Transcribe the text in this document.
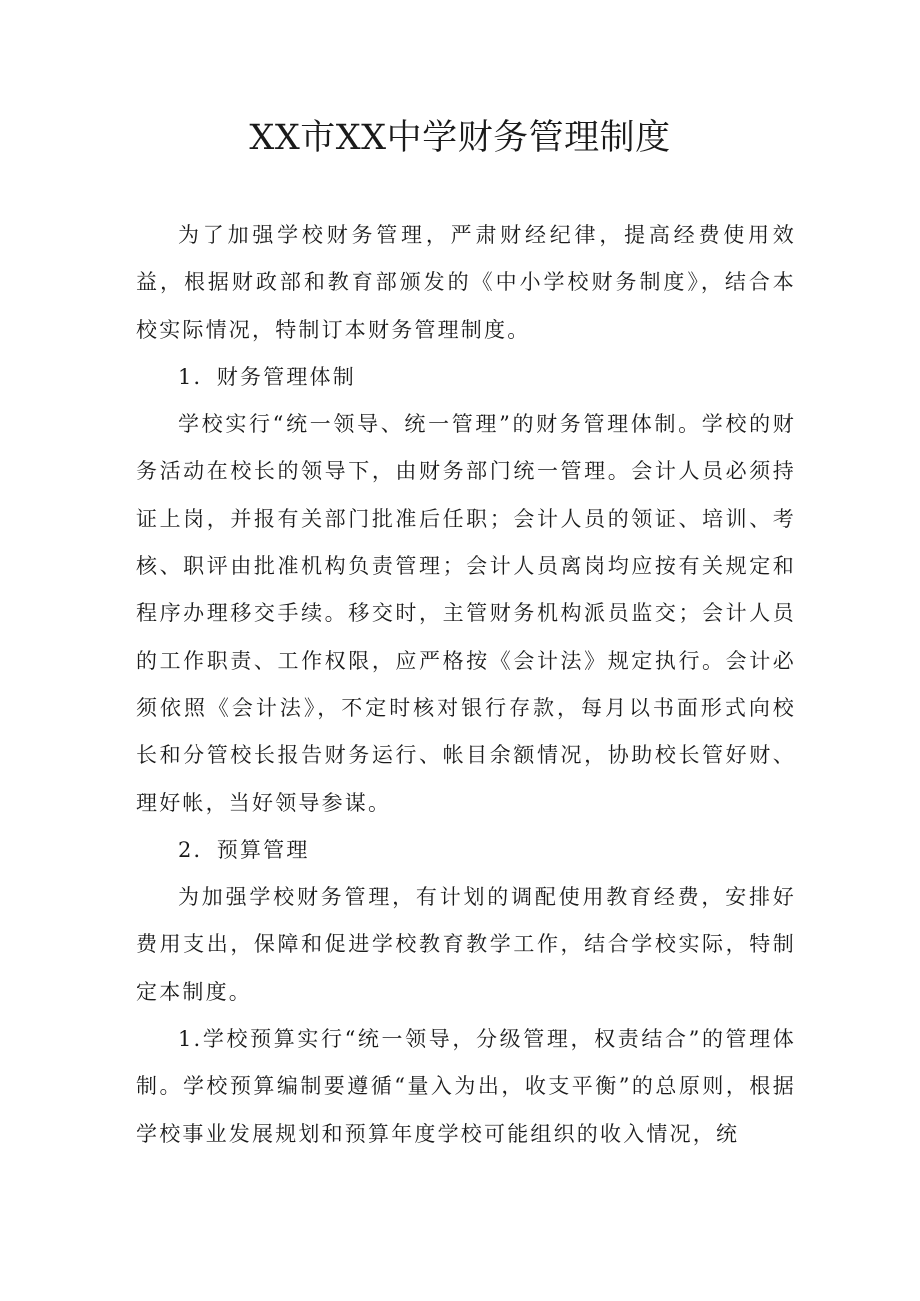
XX市XX中学财务管理制度

为了加强学校财务管理，严肃财经纪律，提高经费使用效益，根据财政部和教育部颁发的《中小学校财务制度》，结合本校实际情况，特制订本财务管理制度。

1．财务管理体制

学校实行“统一领导、统一管理”的财务管理体制。学校的财务活动在校长的领导下，由财务部门统一管理。会计人员必须持证上岗，并报有关部门批准后任职；会计人员的领证、培训、考核、职评由批准机构负责管理；会计人员离岗均应按有关规定和程序办理移交手续。移交时，主管财务机构派员监交；会计人员的工作职责、工作权限，应严格按《会计法》规定执行。会计必须依照《会计法》，不定时核对银行存款，每月以书面形式向校长和分管校长报告财务运行、帐目余额情况，协助校长管好财、理好帐，当好领导参谋。

2．预算管理

为加强学校财务管理，有计划的调配使用教育经费，安排好费用支出，保障和促进学校教育教学工作，结合学校实际，特制定本制度。

1.学校预算实行“统一领导，分级管理，权责结合”的管理体制。学校预算编制要遵循“量入为出，收支平衡”的总原则，根据学校事业发展规划和预算年度学校可能组织的收入情况，统
